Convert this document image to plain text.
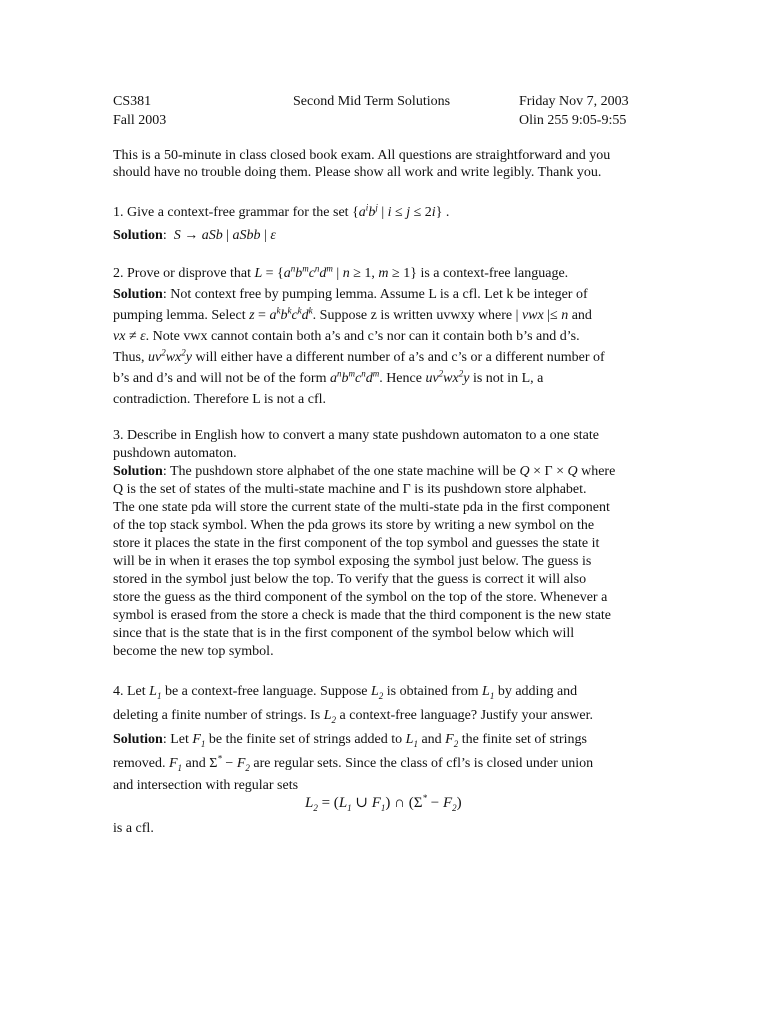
CS381
Fall 2003
Second Mid Term Solutions	Friday Nov 7, 2003
Olin 255 9:05-9:55
This is a 50-minute in class closed book exam. All questions are straightforward and you
should have no trouble doing them. Please show all work and write legibly. Thank you.
1. Give a context-free grammar for the set {$a^ib^j$ | i ≤ j ≤ 2i} .
Solution: S → aSb | aSbb | ε
2. Prove or disprove that $L = \{a^nb^mc^nd^m$ | n ≥ 1, m ≥ 1} is a context-free language.
Solution: Not context free by pumping lemma. Assume L is a cfl. Let k be integer of
pumping lemma. Select $z = a^kb^kc^kd^k$. Suppose z is written uvwxy where | vwx |≤ n and
vx ≠ ε. Note vwx cannot contain both a’s and c’s nor can it contain both b’s and d’s.
Thus, $uv^2wx^2y$ will either have a different number of a’s and c’s or a different number of
b’s and d’s and will not be of the form $a^nb^mc^nd^m$. Hence $uv^2wx^2y$ is not in L, a
contradiction. Therefore L is not a cfl.
3. Describe in English how to convert a many state pushdown automaton to a one state
pushdown automaton.
Solution: The pushdown store alphabet of the one state machine will be Q × Γ × Q where
Q is the set of states of the multi-state machine and Γ is its pushdown store alphabet.
The one state pda will store the current state of the multi-state pda in the first component
of the top stack symbol. When the pda grows its store by writing a new symbol on the
store it places the state in the first component of the top symbol and guesses the state it
will be in when it erases the top symbol exposing the symbol just below. The guess is
stored in the symbol just below the top. To verify that the guess is correct it will also
store the guess as the third component of the symbol on the top of the store. Whenever a
symbol is erased from the store a check is made that the third component is the new state
since that is the state that is in the first component of the symbol below which will
become the new top symbol.
4. Let $L_1$ be a context-free language. Suppose $L_2$ is obtained from $L_1$ by adding and
deleting a finite number of strings. Is $L_2$ a context-free language? Justify your answer.
Solution: Let $F_1$ be the finite set of strings added to $L_1$ and $F_2$ the finite set of strings
removed. $F_1$ and $\Sigma^* - F_2$ are regular sets. Since the class of cfl’s is closed under union
and intersection with regular sets
$L_2 = (L_1$ ∪ $F_1$) ∩ $(\Sigma^* - F_2)$
is a cfl.
